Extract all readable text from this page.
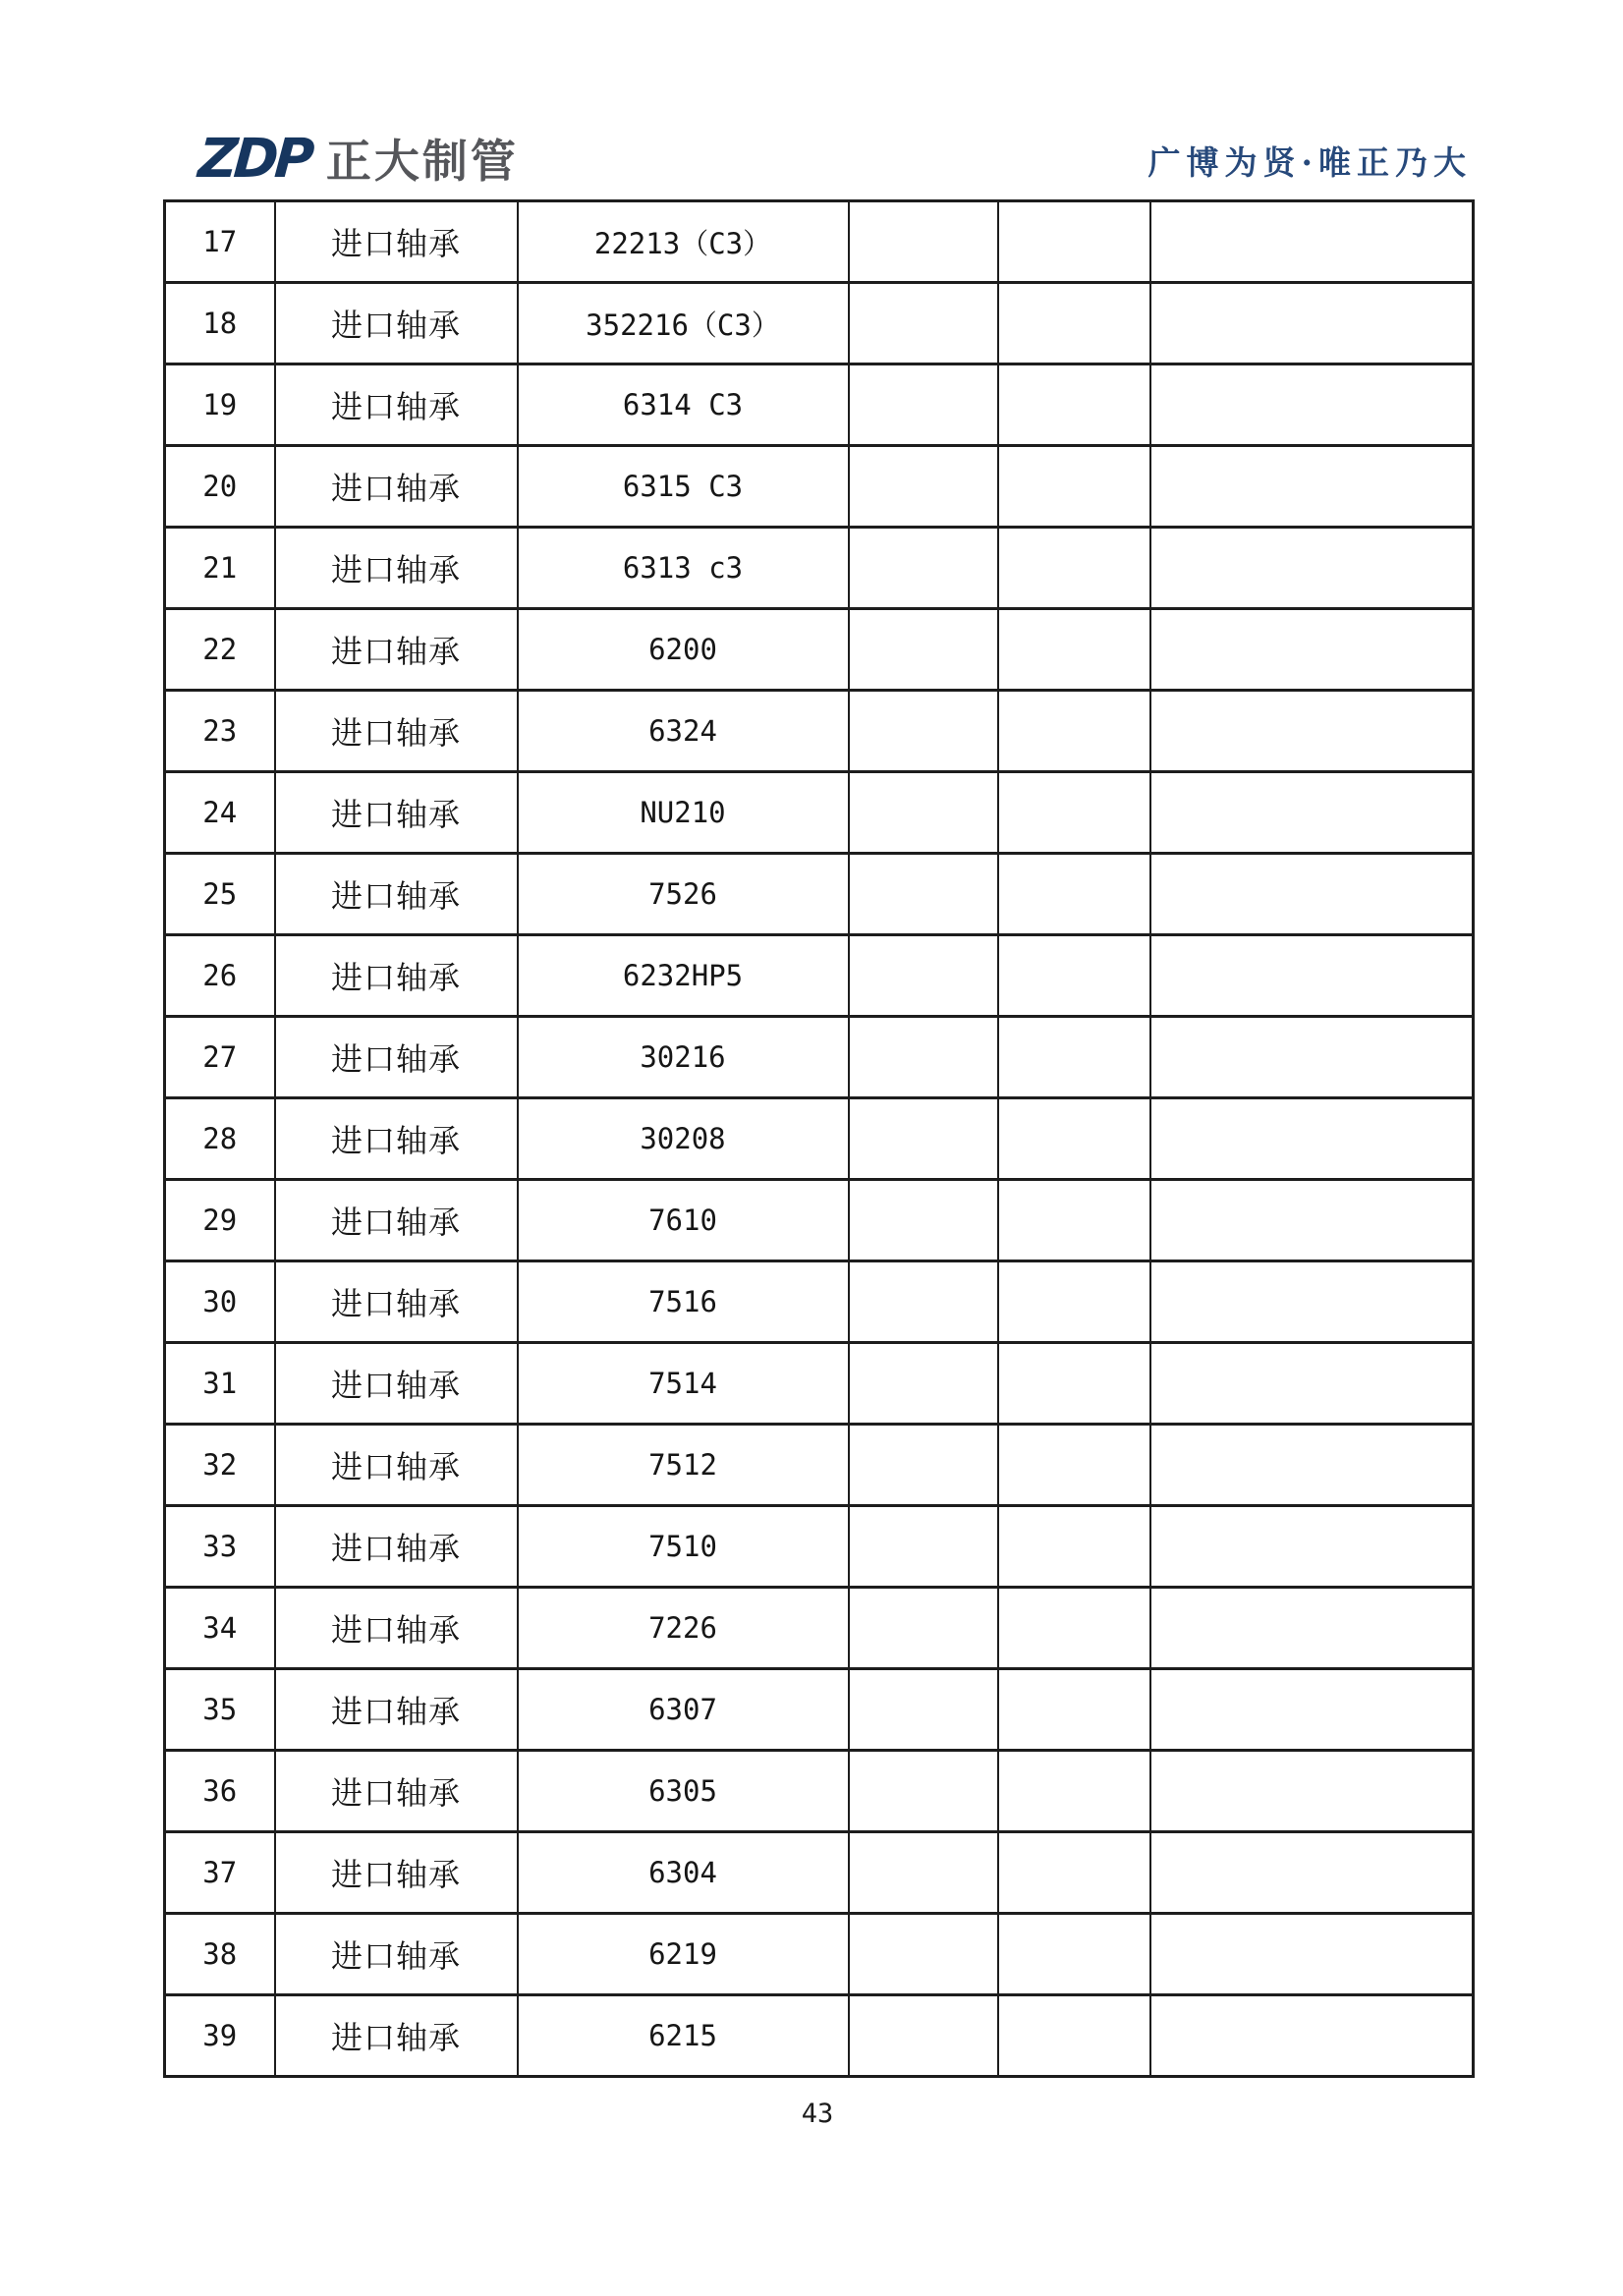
ZDP 正大制管	广博为贤·唯正乃大
17	进口轴承	22213（C3）			
18	进口轴承	352216（C3）			
19	进口轴承	6314 C3			
20	进口轴承	6315 C3			
21	进口轴承	6313 c3			
22	进口轴承	6200			
23	进口轴承	6324			
24	进口轴承	NU210			
25	进口轴承	7526			
26	进口轴承	6232HP5			
27	进口轴承	30216			
28	进口轴承	30208			
29	进口轴承	7610			
30	进口轴承	7516			
31	进口轴承	7514			
32	进口轴承	7512			
33	进口轴承	7510			
34	进口轴承	7226			
35	进口轴承	6307			
36	进口轴承	6305			
37	进口轴承	6304			
38	进口轴承	6219			
39	进口轴承	6215			
43
